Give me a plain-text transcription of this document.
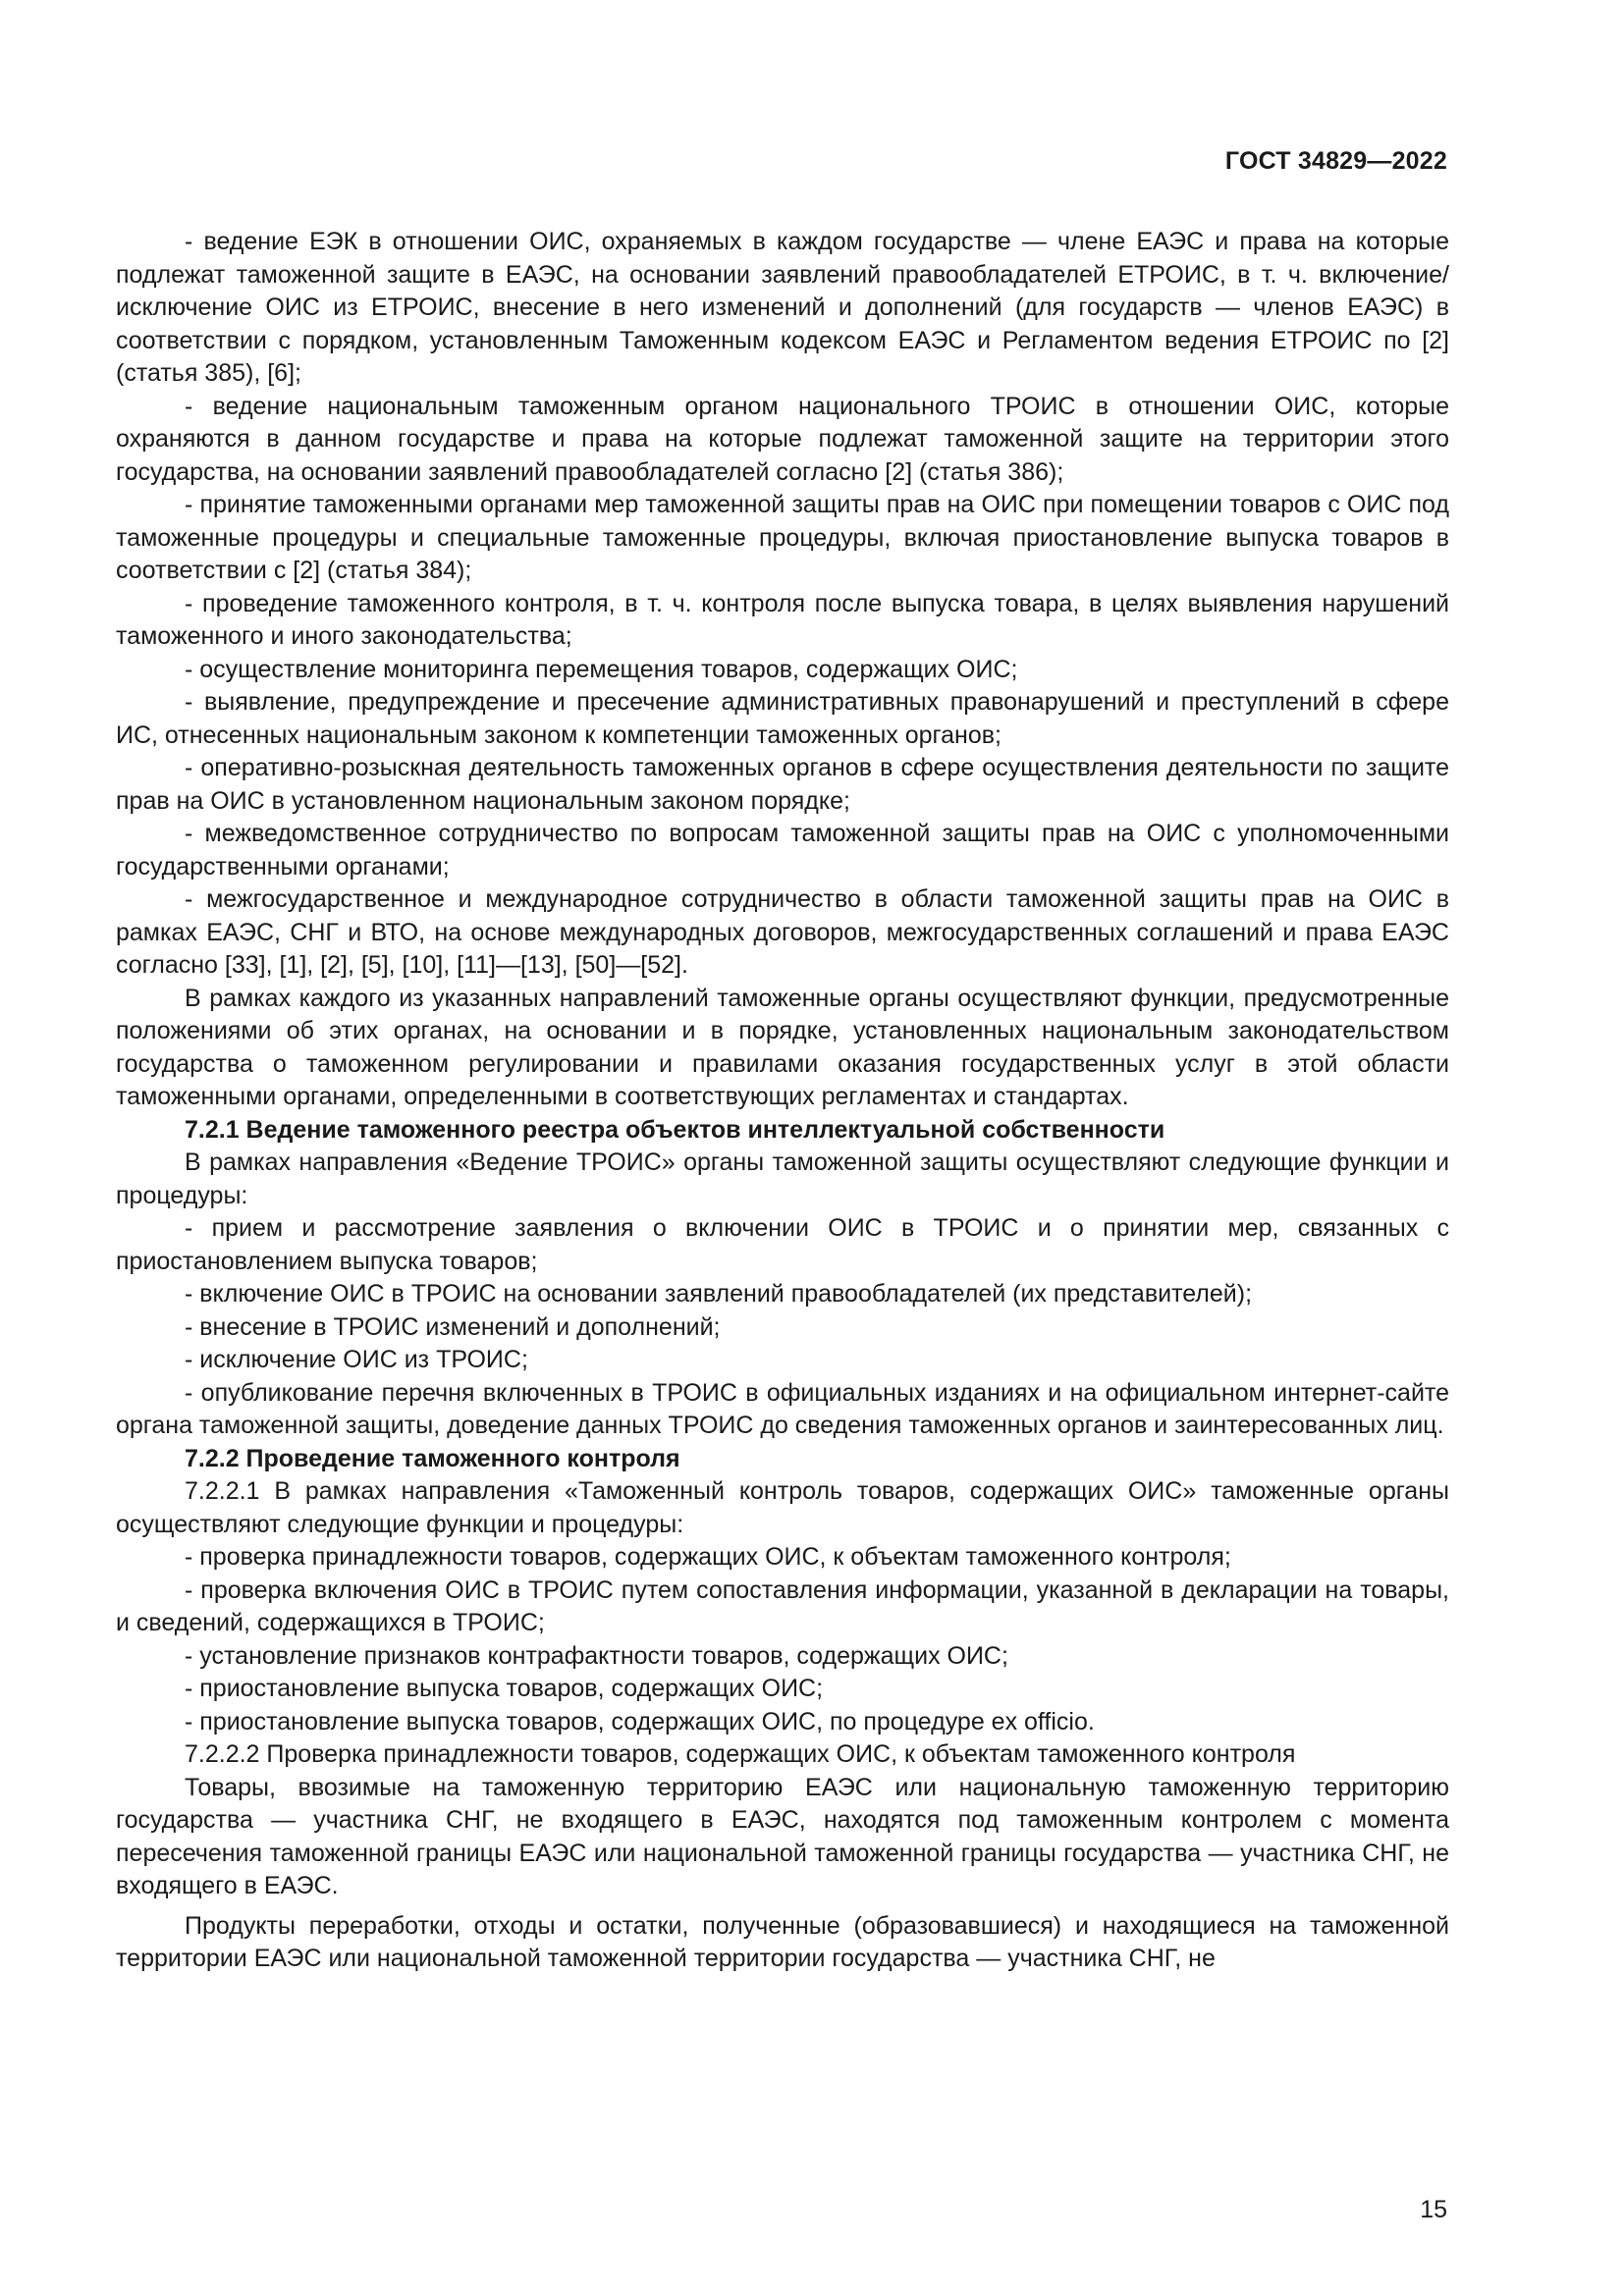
ГОСТ 34829—2022

- ведение ЕЭК в отношении ОИС, охраняемых в каждом государстве — члене ЕАЭС и права на которые подлежат таможенной защите в ЕАЭС, на основании заявлений правообладателей ЕТРОИС, в т. ч. включение/исключение ОИС из ЕТРОИС, внесение в него изменений и дополнений (для государств — членов ЕАЭС) в соответствии с порядком, установленным Таможенным кодексом ЕАЭС и Регламентом ведения ЕТРОИС по [2] (статья 385), [6];

- ведение национальным таможенным органом национального ТРОИС в отношении ОИС, которые охраняются в данном государстве и права на которые подлежат таможенной защите на территории этого государства, на основании заявлений правообладателей согласно [2] (статья 386);

- принятие таможенными органами мер таможенной защиты прав на ОИС при помещении товаров с ОИС под таможенные процедуры и специальные таможенные процедуры, включая приостановление выпуска товаров в соответствии с [2] (статья 384);

- проведение таможенного контроля, в т. ч. контроля после выпуска товара, в целях выявления нарушений таможенного и иного законодательства;

- осуществление мониторинга перемещения товаров, содержащих ОИС;

- выявление, предупреждение и пресечение административных правонарушений и преступлений в сфере ИС, отнесенных национальным законом к компетенции таможенных органов;

- оперативно-розыскная деятельность таможенных органов в сфере осуществления деятельности по защите прав на ОИС в установленном национальным законом порядке;

- межведомственное сотрудничество по вопросам таможенной защиты прав на ОИС с уполномоченными государственными органами;

- межгосударственное и международное сотрудничество в области таможенной защиты прав на ОИС в рамках ЕАЭС, СНГ и ВТО, на основе международных договоров, межгосударственных соглашений и права ЕАЭС согласно [33], [1], [2], [5], [10], [11]—[13], [50]—[52].

В рамках каждого из указанных направлений таможенные органы осуществляют функции, предусмотренные положениями об этих органах, на основании и в порядке, установленных национальным законодательством государства о таможенном регулировании и правилами оказания государственных услуг в этой области таможенными органами, определенными в соответствующих регламентах и стандартах.

7.2.1 Ведение таможенного реестра объектов интеллектуальной собственности

В рамках направления «Ведение ТРОИС» органы таможенной защиты осуществляют следующие функции и процедуры:

- прием и рассмотрение заявления о включении ОИС в ТРОИС и о принятии мер, связанных с приостановлением выпуска товаров;

- включение ОИС в ТРОИС на основании заявлений правообладателей (их представителей);

- внесение в ТРОИС изменений и дополнений;

- исключение ОИС из ТРОИС;

- опубликование перечня включенных в ТРОИС в официальных изданиях и на официальном интернет-сайте органа таможенной защиты, доведение данных ТРОИС до сведения таможенных органов и заинтересованных лиц.

7.2.2 Проведение таможенного контроля

7.2.2.1 В рамках направления «Таможенный контроль товаров, содержащих ОИС» таможенные органы осуществляют следующие функции и процедуры:

- проверка принадлежности товаров, содержащих ОИС, к объектам таможенного контроля;

- проверка включения ОИС в ТРОИС путем сопоставления информации, указанной в декларации на товары, и сведений, содержащихся в ТРОИС;

- установление признаков контрафактности товаров, содержащих ОИС;

- приостановление выпуска товаров, содержащих ОИС;

- приостановление выпуска товаров, содержащих ОИС, по процедуре ex officio.

7.2.2.2 Проверка принадлежности товаров, содержащих ОИС, к объектам таможенного контроля

Товары, ввозимые на таможенную территорию ЕАЭС или национальную таможенную территорию государства — участника СНГ, не входящего в ЕАЭС, находятся под таможенным контролем с момента пересечения таможенной границы ЕАЭС или национальной таможенной границы государства — участника СНГ, не входящего в ЕАЭС.

Продукты переработки, отходы и остатки, полученные (образовавшиеся) и находящиеся на таможенной территории ЕАЭС или национальной таможенной территории государства — участника СНГ, не

15
